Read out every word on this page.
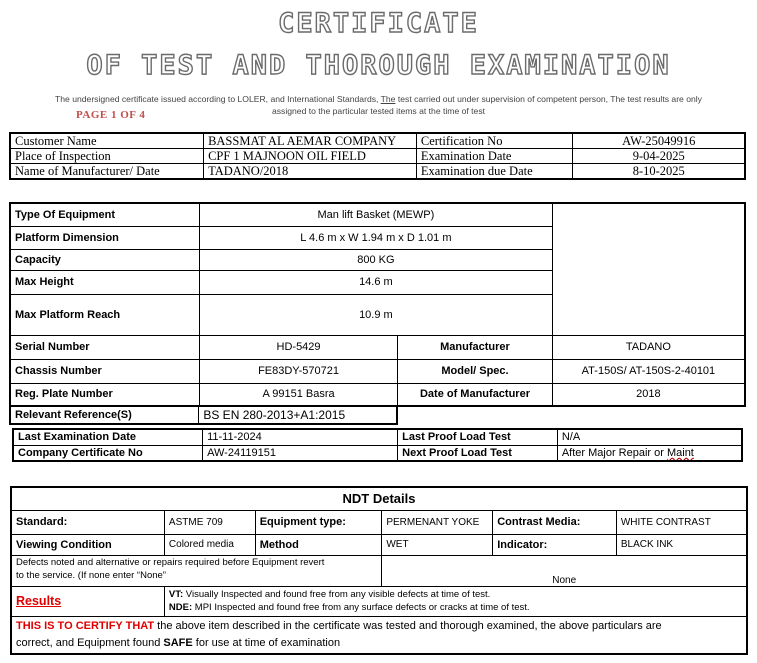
CERTIFICATE
OF TEST AND THOROUGH EXAMINATION
The undersigned certificate issued according to LOLER, and International Standards, The test carried out under supervision of competent person, The test results are only
assigned to the particular tested items at the time of test
PAGE 1 OF 4
Customer Name	BASSMAT AL AEMAR COMPANY	Certification No	AW-25049916
Place of Inspection	CPF 1 MAJNOON OIL FIELD	Examination Date	9-04-2025
Name of Manufacturer/ Date	TADANO/2018	Examination due Date	8-10-2025
Type Of Equipment	Man lift Basket (MEWP)		
Platform Dimension	L 4.6 m x W 1.94 m x D 1.01 m		
Capacity	800 KG		
Max Height	14.6 m		
Max Platform Reach	10.9 m		
Serial Number	HD-5429	Manufacturer	TADANO
Chassis Number	FE83DY-570721	Model/ Spec.	AT-150S/ AT-150S-2-40101
Reg. Plate Number	A 99151 Basra	Date of Manufacturer	2018
Relevant Reference(S)	BS EN 280-2013+A1:2015
Last Examination Date	11-11-2024	Last Proof Load Test	N/A
Company Certificate No	AW-24119151	Next Proof Load Test	After Major Repair or Maint
NDT Details					
Standard:	ASTME 709	Equipment type:	PERMENANT YOKE	Contrast Media:	WHITE CONTRAST
Viewing Condition	Colored media	Method	WET	Indicator:	BLACK INK
Defects noted and alternative or repairs required before Equipment revert
to the service. (If none enter “None”			None		
Results	VT: Visually Inspected and found free from any visible defects at time of test.
NDE: MPI Inspected and found free from any surface defects or cracks at time of test.				
THIS IS TO CERTIFY THAT the above item described in the certificate was tested and thorough examined, the above particulars are
correct, and Equipment found SAFE for use at time of examination					
